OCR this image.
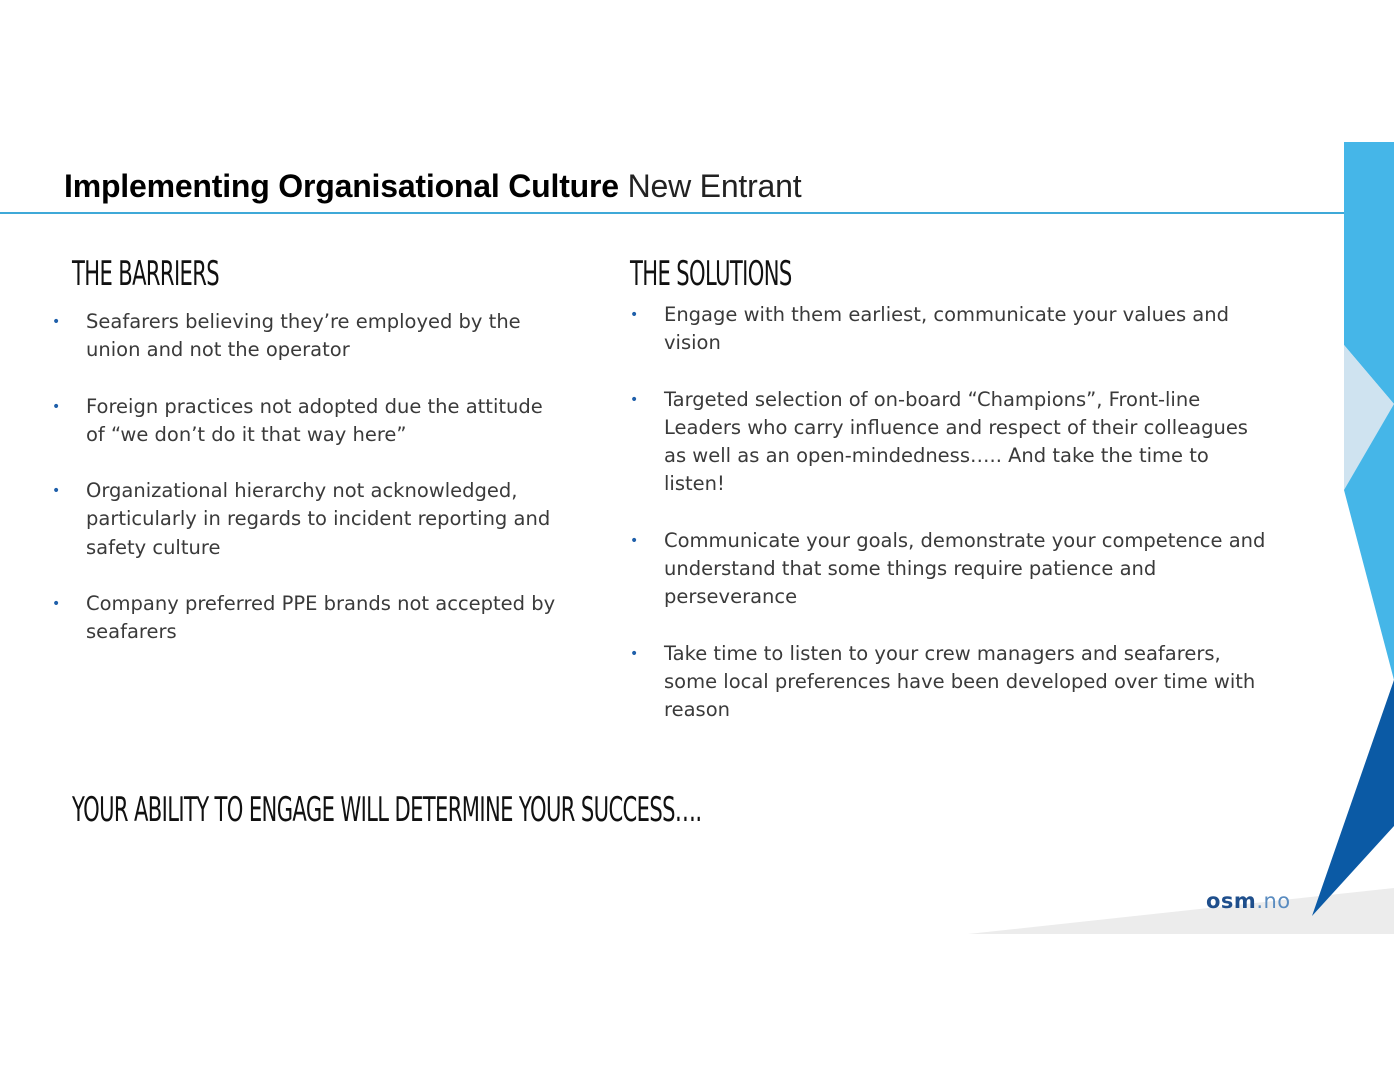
Implementing Organisational Culture New Entrant
THE BARRIERS
• Seafarers believing they’re employed by the union and not the operator
• Foreign practices not adopted due the attitude of “we don’t do it that way here”
• Organizational hierarchy not acknowledged, particularly in regards to incident reporting and safety culture
• Company preferred PPE brands not accepted by seafarers
THE SOLUTIONS
• Engage with them earliest, communicate your values and vision
• Targeted selection of on-board “Champions”, Front-line Leaders who carry influence and respect of their colleagues as well as an open-mindedness….. And take the time to listen!
• Communicate your goals, demonstrate your competence and understand that some things require patience and perseverance
• Take time to listen to your crew managers and seafarers, some local preferences have been developed over time with reason
YOUR ABILITY TO ENGAGE WILL DETERMINE YOUR SUCCESS….
osm.no
